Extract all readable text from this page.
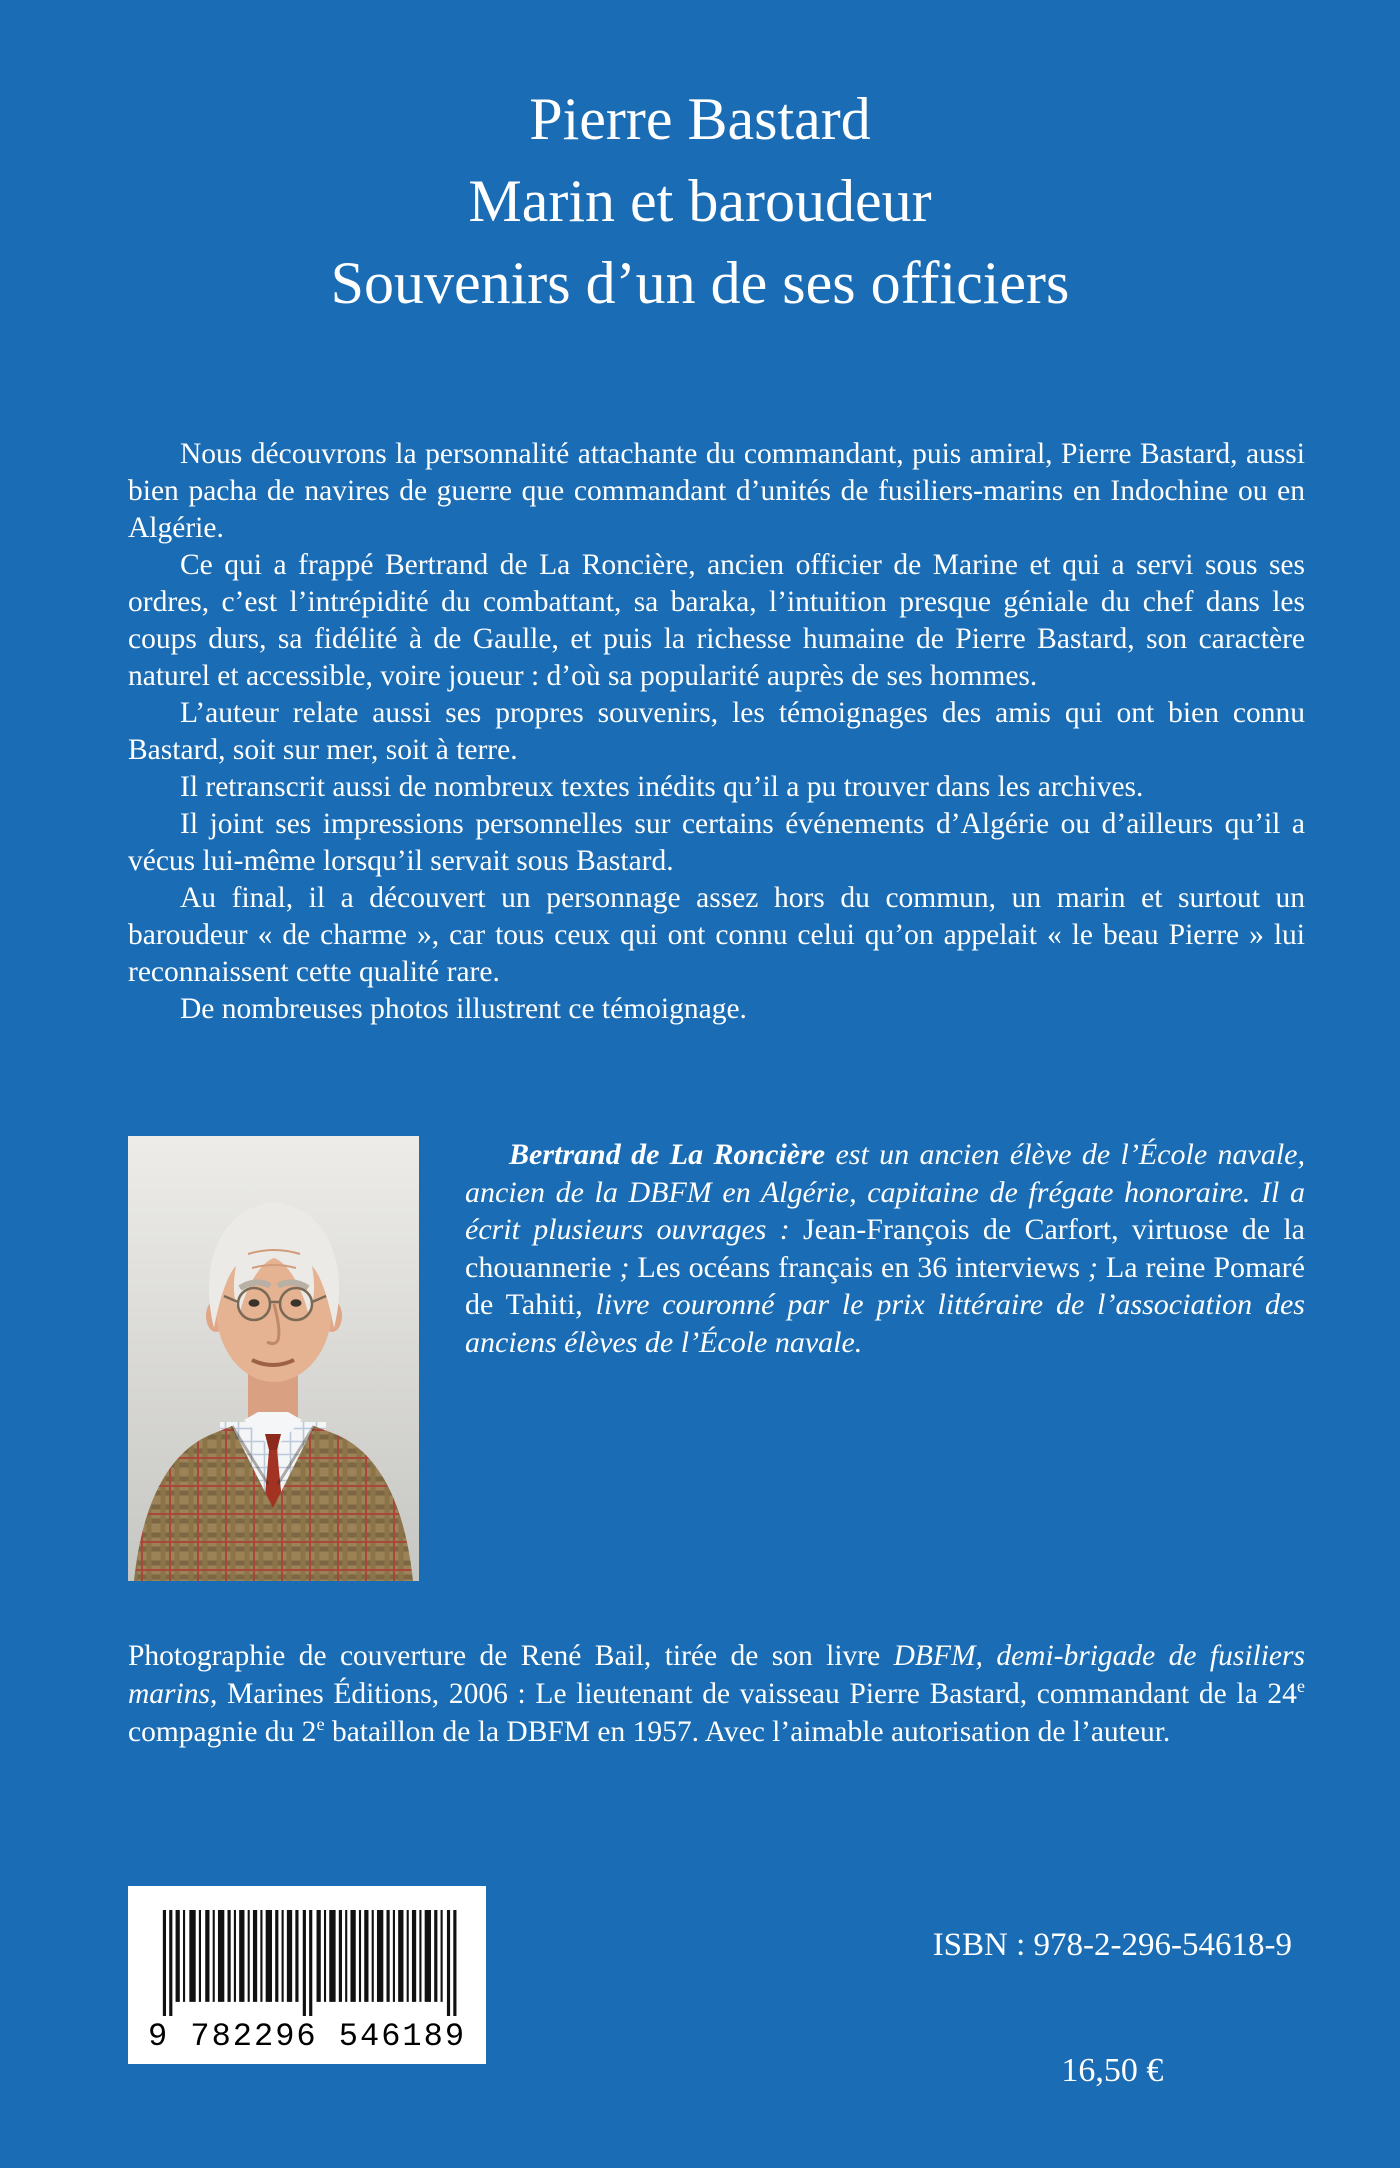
Pierre Bastard
Marin et baroudeur
Souvenirs d’un de ses officiers

Nous découvrons la personnalité attachante du commandant, puis amiral, Pierre Bastard, aussi bien pacha de navires de guerre que commandant d’unités de fusiliers-marins en Indochine ou en Algérie.

Ce qui a frappé Bertrand de La Roncière, ancien officier de Marine et qui a servi sous ses ordres, c’est l’intrépidité du combattant, sa baraka, l’intuition presque géniale du chef dans les coups durs, sa fidélité à de Gaulle, et puis la richesse humaine de Pierre Bastard, son caractère naturel et accessible, voire joueur : d’où sa popularité auprès de ses hommes.

L’auteur relate aussi ses propres souvenirs, les témoignages des amis qui ont bien connu Bastard, soit sur mer, soit à terre.

Il retranscrit aussi de nombreux textes inédits qu’il a pu trouver dans les archives.

Il joint ses impressions personnelles sur certains événements d’Algérie ou d’ailleurs qu’il a vécus lui-même lorsqu’il servait sous Bastard.

Au final, il a découvert un personnage assez hors du commun, un marin et surtout un baroudeur « de charme », car tous ceux qui ont connu celui qu’on appelait « le beau Pierre » lui reconnaissent cette qualité rare.

De nombreuses photos illustrent ce témoignage.

Bertrand de La Roncière est un ancien élève de l’École navale, ancien de la DBFM en Algérie, capitaine de frégate honoraire. Il a écrit plusieurs ouvrages : Jean-François de Carfort, virtuose de la chouannerie ; Les océans français en 36 interviews ; La reine Pomaré de Tahiti, livre couronné par le prix littéraire de l’association des anciens élèves de l’École navale.

Photographie de couverture de René Bail, tirée de son livre DBFM, demi-brigade de fusiliers marins, Marines Éditions, 2006 : Le lieutenant de vaisseau Pierre Bastard, commandant de la 24e compagnie du 2e bataillon de la DBFM en 1957. Avec l’aimable autorisation de l’auteur.

9 782296 546189
ISBN : 978-2-296-54618-9
16,50 €
